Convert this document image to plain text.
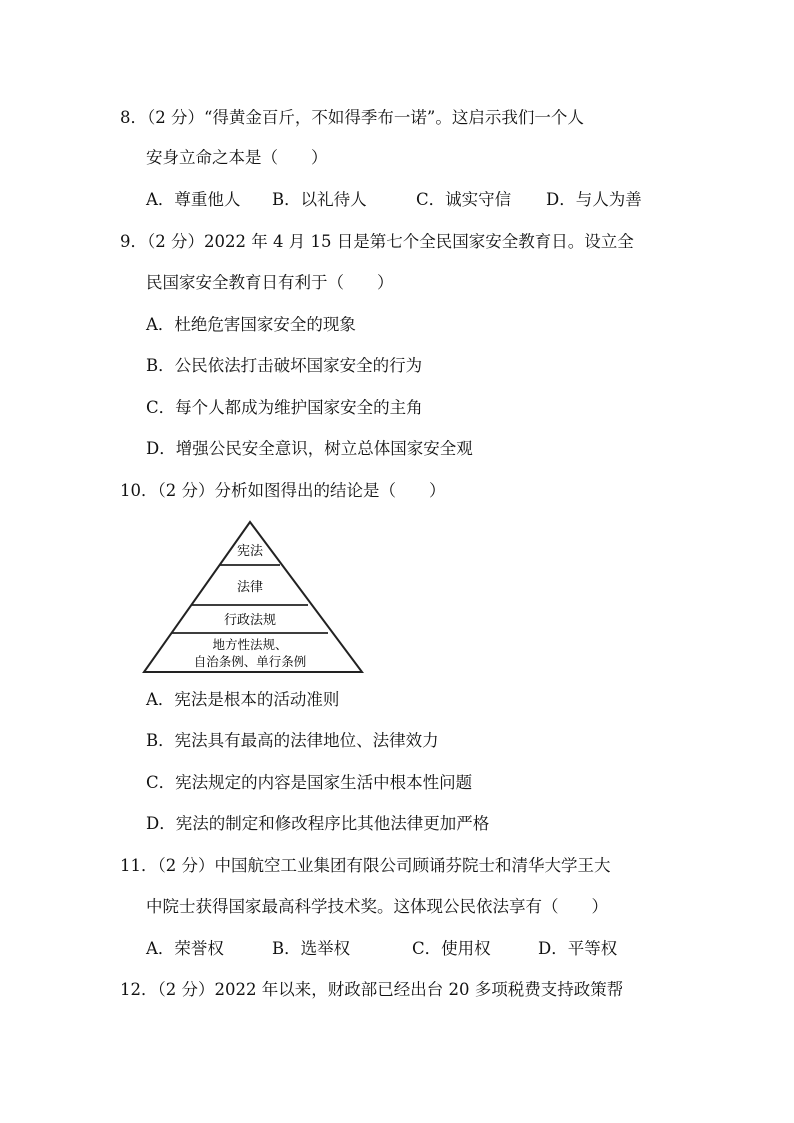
8．（2 分）“得黄金百斤，不如得季布一诺”。这启示我们一个人
安身立命之本是（　　）
A．尊重他人 B．以礼待人	C．诚实守信 D．与人为善
9．（2 分）2022 年 4 月 15 日是第七个全民国家安全教育日。设立全
民国家安全教育日有利于（　　）
A．杜绝危害国家安全的现象
B．公民依法打击破坏国家安全的行为
C．每个人都成为维护国家安全的主角
D．增强公民安全意识，树立总体国家安全观
10．（2 分）分析如图得出的结论是（　　）
宪法
法律
行政法规
地方性法规、
自治条例、单行条例
A．宪法是根本的活动准则
B．宪法具有最高的法律地位、法律效力
C．宪法规定的内容是国家生活中根本性问题
D．宪法的制定和修改程序比其他法律更加严格
11．（2 分）中国航空工业集团有限公司顾诵芬院士和清华大学王大
中院士获得国家最高科学技术奖。这体现公民依法享有（　　）
A．荣誉权	B．选举权	C．使用权	D．平等权
12．（2 分）2022 年以来，财政部已经出台 20 多项税费支持政策帮
